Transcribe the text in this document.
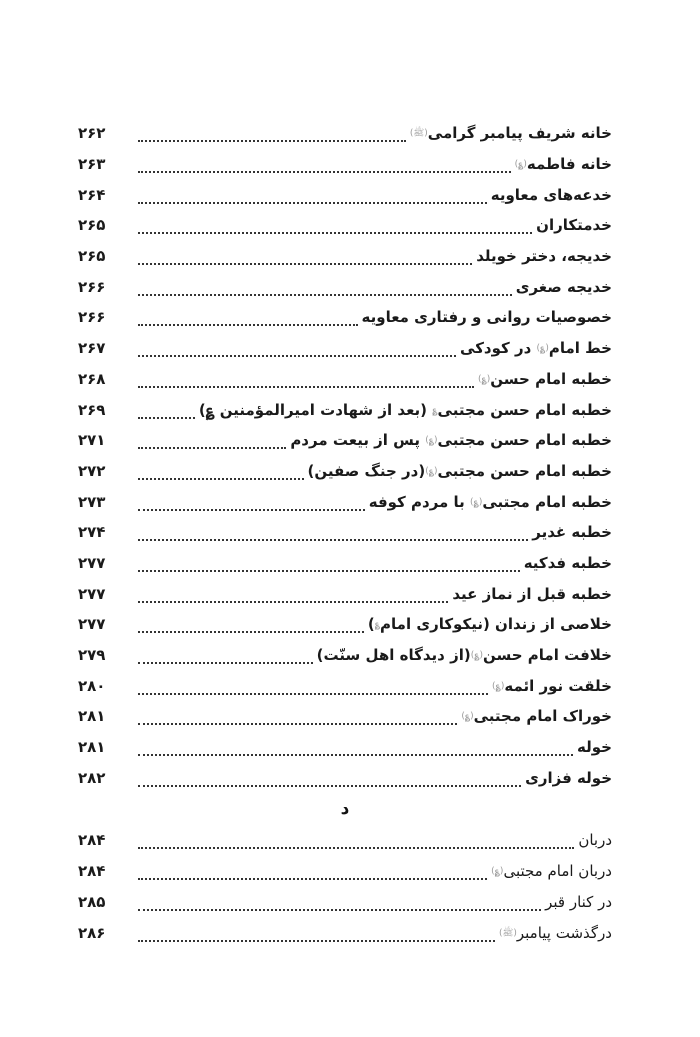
خانه شریف پیامبر گرامی(ﷺ)
۲۶۲
خانه فاطمه(؏)
۲۶۳
خدعه‌های معاویه
۲۶۴
خدمتکاران
۲۶۵
خدیجه، دختر خویلد
۲۶۵
خدیجه صغری
۲۶۶
خصوصیات روانی و رفتاری معاویه
۲۶۶
خط امام(؏) در کودکی
۲۶۷
خطبه امام حسن(؏)
۲۶۸
خطبه امام حسن مجتبی؏ (بعد از شهادت امیرالمؤمنین ؏)
۲۶۹
خطبه امام حسن مجتبی(؏) پس از بیعت مردم
۲۷۱
خطبه امام حسن مجتبی(؏)(در جنگ صفین)
۲۷۲
خطبه امام مجتبی(؏) با مردم کوفه
۲۷۳
خطبه غدیر
۲۷۴
خطبه فدکیه
۲۷۷
خطبه قبل از نماز عید
۲۷۷
خلاصی از زندان (نیکوکاری امام؏)
۲۷۷
خلافت امام حسن(؏)(از دیدگاه اهل سنّت)
۲۷۹
خلقت نور ائمه(؏)
۲۸۰
خوراک امام مجتبی(؏)
۲۸۱
خوله
۲۸۱
خوله فزاری
۲۸۲
د
دربان
۲۸۴
دربان امام مجتبی(؏)
۲۸۴
در کنار قبر
۲۸۵
درگذشت پیامبر(ﷺ)
۲۸۶
